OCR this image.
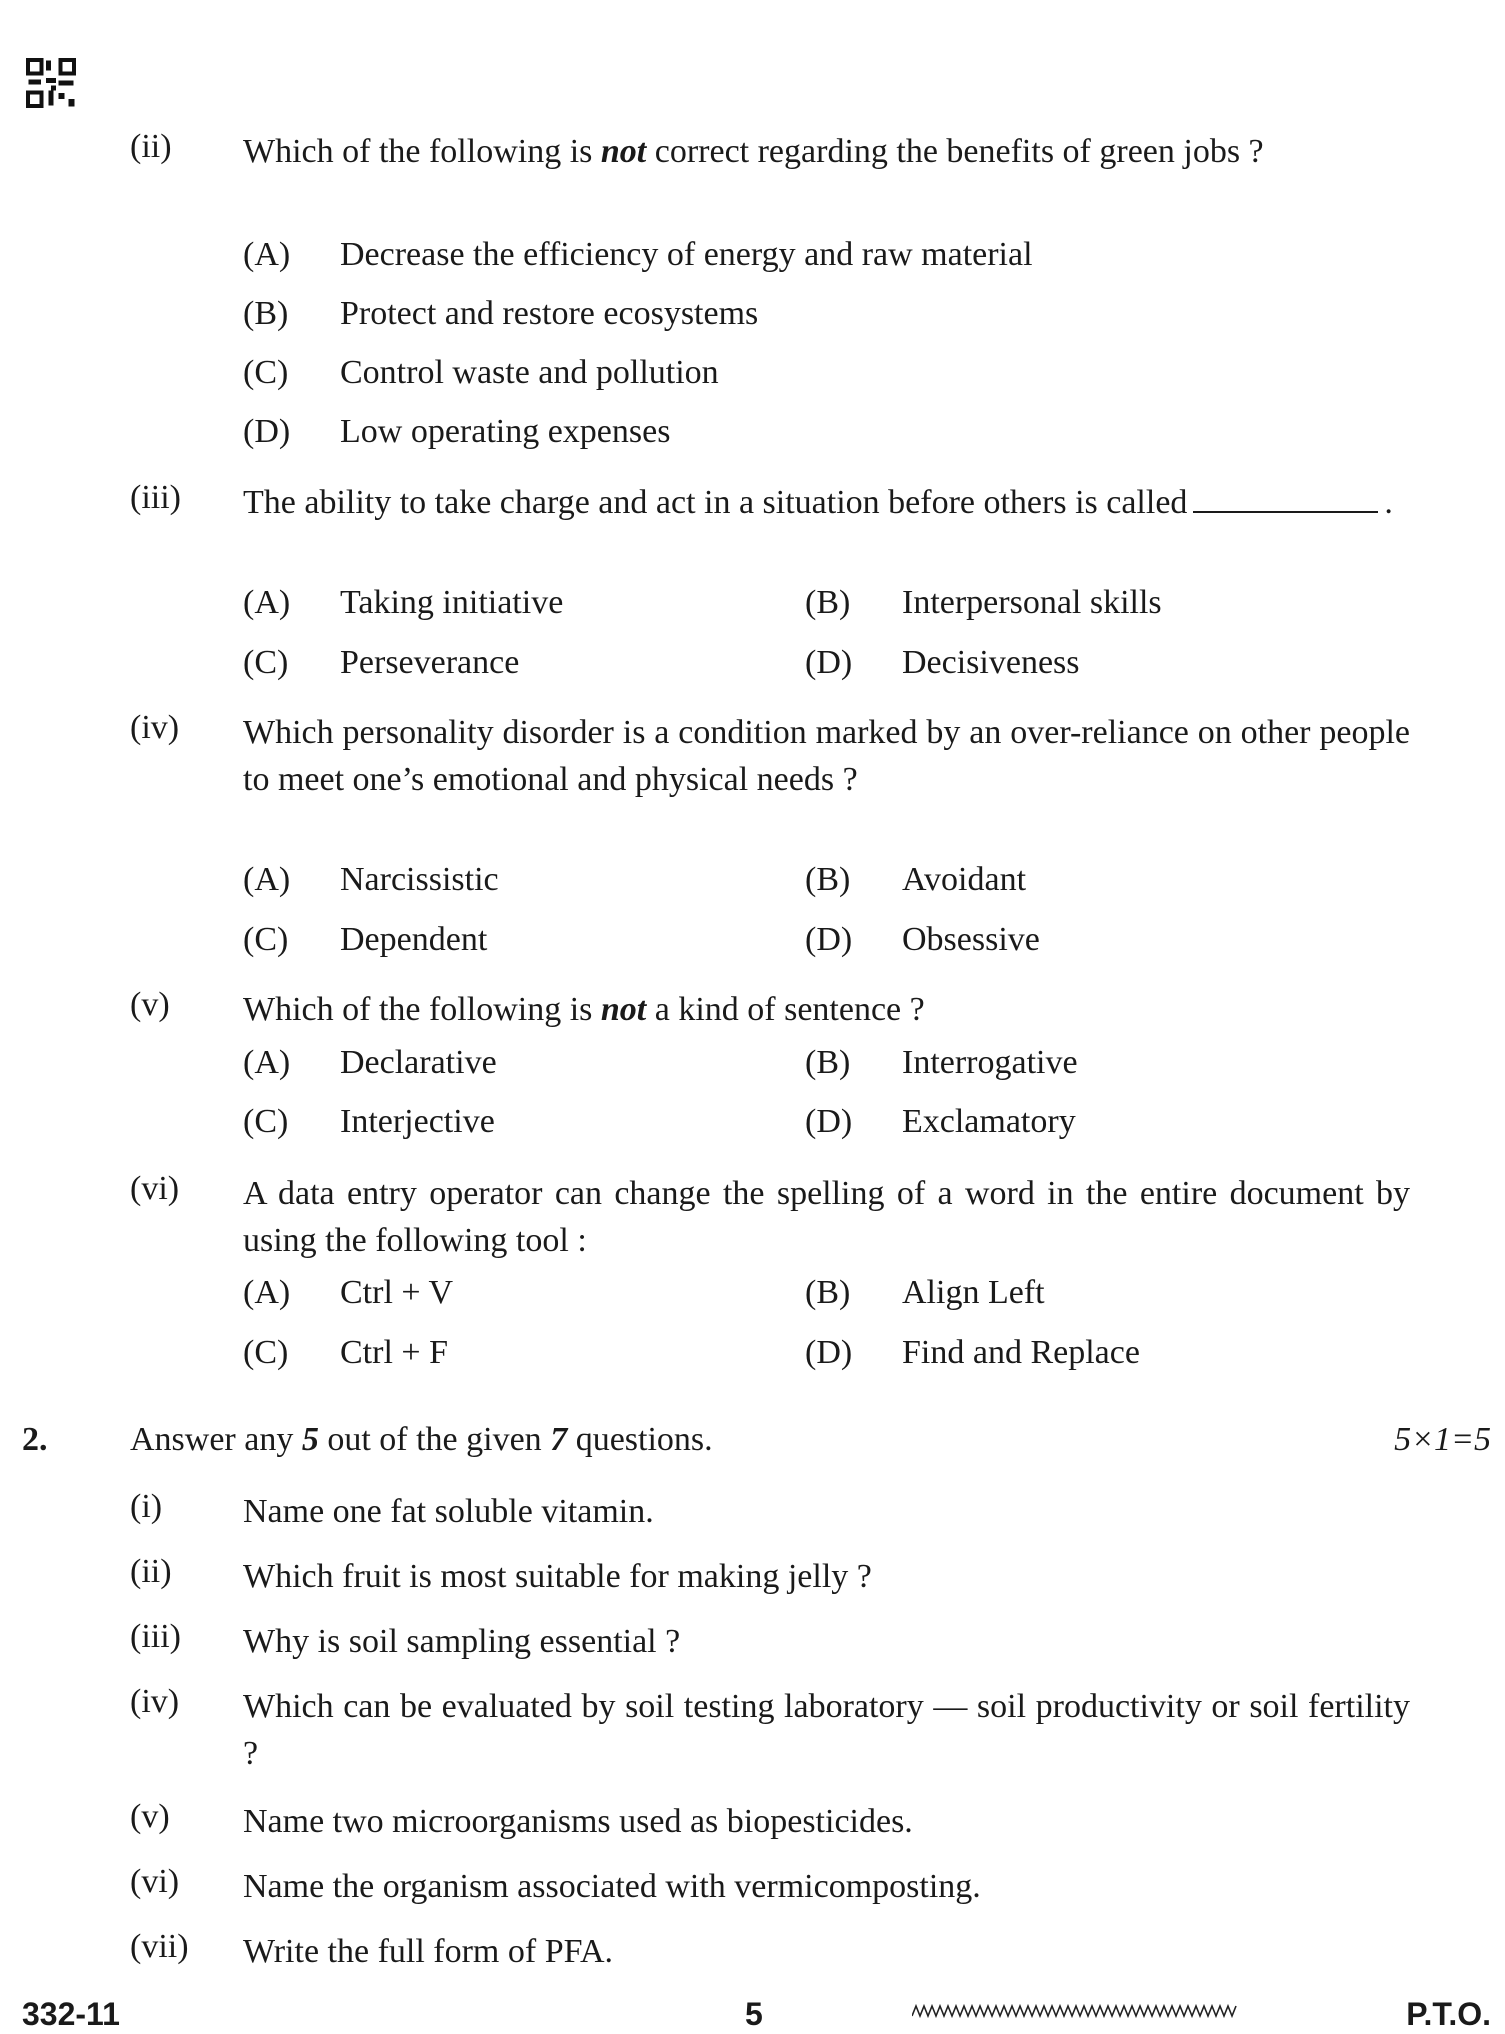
(ii) Which of the following is not correct regarding the benefits of green jobs ?
(A) Decrease the efficiency of energy and raw material
(B) Protect and restore ecosystems
(C) Control waste and pollution
(D) Low operating expenses
(iii) The ability to take charge and act in a situation before others is called	.
(A) Taking initiative	(B) Interpersonal skills
(C) Perseverance	(D) Decisiveness
(iv) Which personality disorder is a condition marked by an over-reliance on other people to meet one’s emotional and physical needs ?
(A) Narcissistic	(B) Avoidant
(C) Dependent	(D) Obsessive
(v) Which of the following is not a kind of sentence ?
(A) Declarative	(B) Interrogative
(C) Interjective	(D) Exclamatory
(vi) A data entry operator can change the spelling of a word in the entire document by using the following tool :
(A) Ctrl + V	(B) Align Left
(C) Ctrl + F	(D) Find and Replace
2. Answer any 5 out of the given 7 questions.	5×1=5
(i) Name one fat soluble vitamin.
(ii) Which fruit is most suitable for making jelly ?
(iii) Why is soil sampling essential ?
(iv) Which can be evaluated by soil testing laboratory — soil productivity or soil fertility ?
(v) Name two microorganisms used as biopesticides.
(vi) Name the organism associated with vermicomposting.
(vii) Write the full form of PFA.
332-11	5	P.T.O.
